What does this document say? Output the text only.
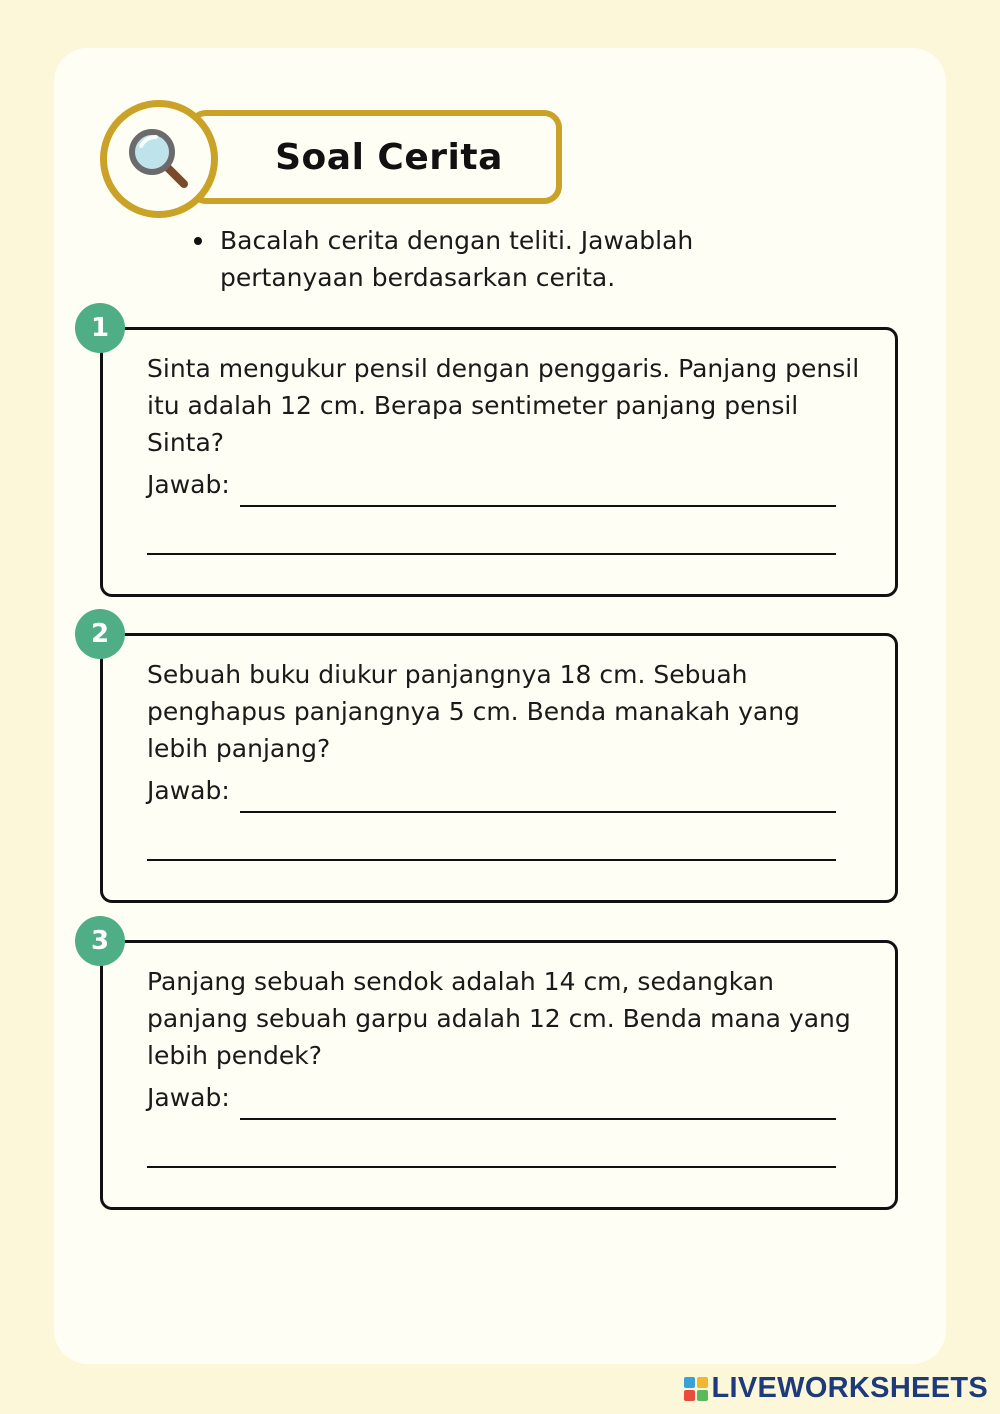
Soal Cerita
Bacalah cerita dengan teliti. Jawablah pertanyaan berdasarkan cerita.

Sinta mengukur pensil dengan penggaris. Panjang pensil itu adalah 12 cm. Berapa sentimeter panjang pensil Sinta?

Jawab:
1

Sebuah buku diukur panjangnya 18 cm. Sebuah penghapus panjangnya 5 cm. Benda manakah yang lebih panjang?

Jawab:
2

Panjang sebuah sendok adalah 14 cm, sedangkan panjang sebuah garpu adalah 12 cm. Benda mana yang lebih pendek?

Jawab:
3
LIVEWORKSHEETS
